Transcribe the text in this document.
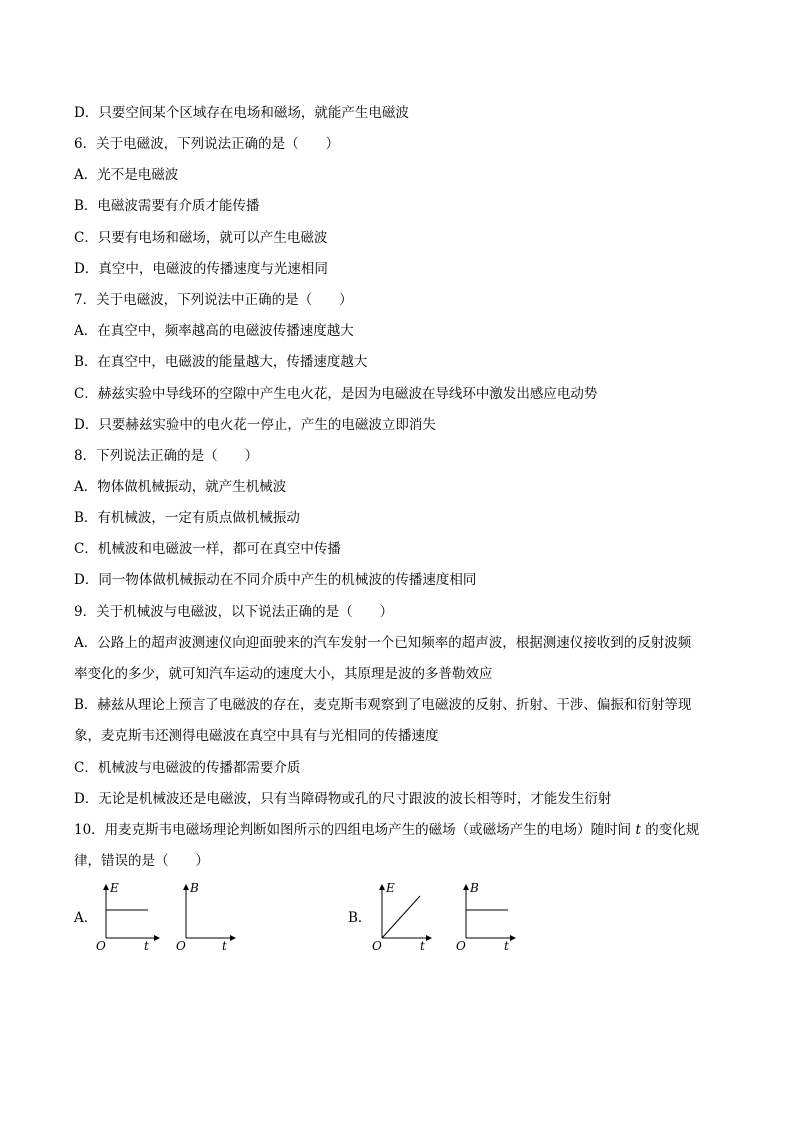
D．只要空间某个区域存在电场和磁场，就能产生电磁波
6．关于电磁波，下列说法正确的是（　　）
A．光不是电磁波
B．电磁波需要有介质才能传播
C．只要有电场和磁场，就可以产生电磁波
D．真空中，电磁波的传播速度与光速相同
7．关于电磁波，下列说法中正确的是（　　）
A．在真空中，频率越高的电磁波传播速度越大
B．在真空中，电磁波的能量越大，传播速度越大
C．赫兹实验中导线环的空隙中产生电火花，是因为电磁波在导线环中激发出感应电动势
D．只要赫兹实验中的电火花一停止，产生的电磁波立即消失
8．下列说法正确的是（　　）
A．物体做机械振动，就产生机械波
B．有机械波，一定有质点做机械振动
C．机械波和电磁波一样，都可在真空中传播
D．同一物体做机械振动在不同介质中产生的机械波的传播速度相同
9．关于机械波与电磁波，以下说法正确的是（　　）
A．公路上的超声波测速仪向迎面驶来的汽车发射一个已知频率的超声波，根据测速仪接收到的反射波频
率变化的多少，就可知汽车运动的速度大小，其原理是波的多普勒效应
B．赫兹从理论上预言了电磁波的存在，麦克斯韦观察到了电磁波的反射、折射、干涉、偏振和衍射等现
象，麦克斯韦还测得电磁波在真空中具有与光相同的传播速度
C．机械波与电磁波的传播都需要介质
D．无论是机械波还是电磁波，只有当障碍物或孔的尺寸跟波的波长相等时，才能发生衍射
10．用麦克斯韦电磁场理论判断如图所示的四组电场产生的磁场（或磁场产生的电场）随时间 t 的变化规
律，错误的是（　　）
A．
E
O	t
B
O	t
B．
E
O	t
B
O	t
